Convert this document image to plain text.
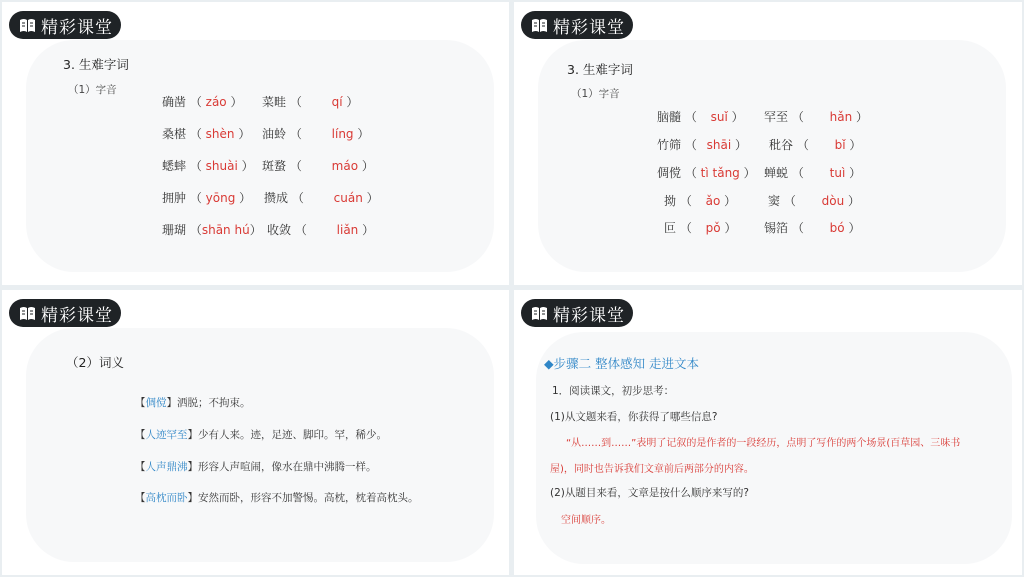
精彩课堂
3. 生难字词
（1）字音
确凿 （ záo ） 菜畦 （ qí ）
桑椹 （ shèn ） 油蛉 （ líng ）
蟋蟀 （ shuài ） 斑蝥 （ máo ）
拥肿 （ yōng ） 攒成 （ cuán ）
珊瑚 （shān hú） 收敛 （ liǎn ）
精彩课堂
3. 生难字词
（1）字音
脑髓 （ suǐ ） 罕至 （ hǎn ）
竹筛 （ shāi ） 秕谷 （ bǐ ）
倜傥 （ tì tǎng ） 蝉蜕 （ tuì ）
拗 （ ǎo ）	窦 （ dòu ）
叵 （ pǒ ） 锡箔 （ bó ）
精彩课堂
（2）词义
【倜傥】洒脱；不拘束。
【人迹罕至】少有人来。迹，足迹、脚印。罕，稀少。
【人声鼎沸】形容人声喧闹，像水在鼎中沸腾一样。
【高枕而卧】安然而卧，形容不加警惕。高枕，枕着高枕头。
精彩课堂
◆步骤二 整体感知 走进文本
1．阅读课文，初步思考：
(1)从文题来看，你获得了哪些信息?
“从……到……”表明了记叙的是作者的一段经历，点明了写作的两个场景(百草园、三味书
屋)，同时也告诉我们文章前后两部分的内容。
(2)从题目来看，文章是按什么顺序来写的?
空间顺序。
